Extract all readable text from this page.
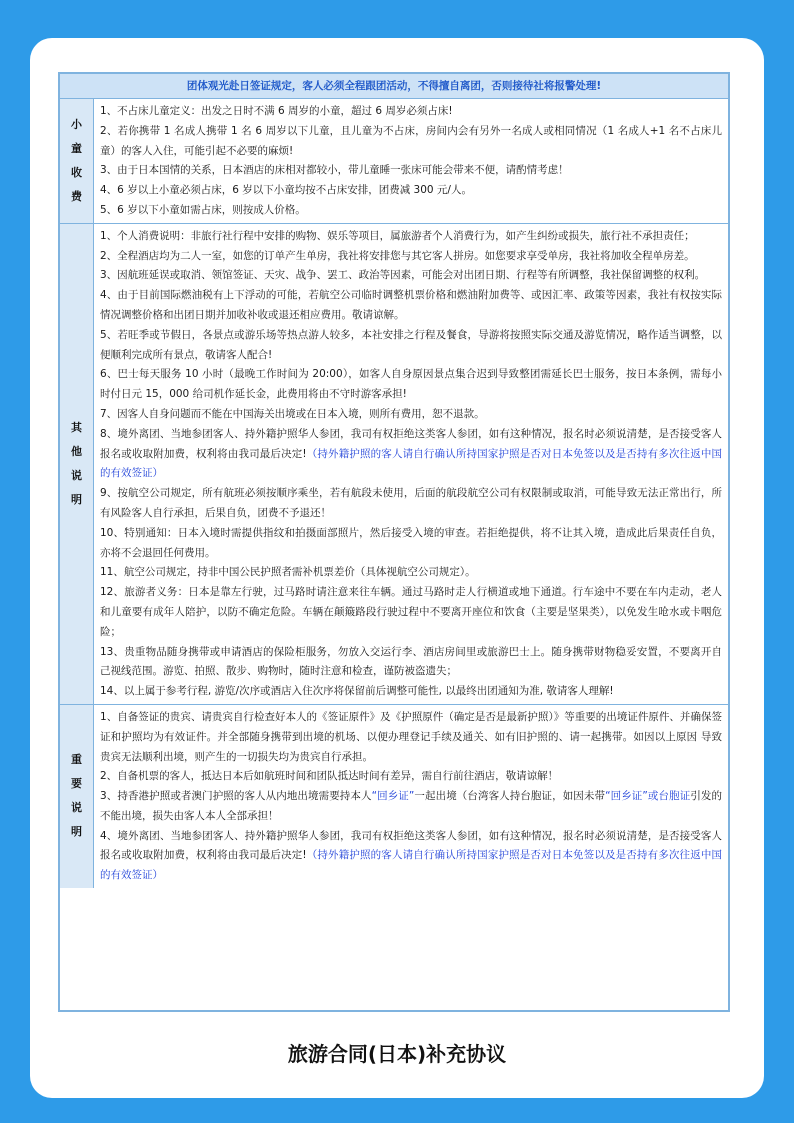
团体观光赴日签证规定，客人必须全程跟团活动，不得擅自离团，否则接待社将报警处理!
小
童
收
费

1、不占床儿童定义：出发之日时不满 6 周岁的小童，超过 6 周岁必须占床!

2、若你携带 1 名成人携带 1 名 6 周岁以下儿童，且儿童为不占床，房间内会有另外一名成人或相同情况（1 名成人+1 名不占床儿童）的客人入住，可能引起不必要的麻烦!

3、由于日本国情的关系，日本酒店的床相对都较小，带儿童睡一张床可能会带来不便，请酌情考虑！

4、6 岁以上小童必须占床，6 岁以下小童均按不占床安排，团费减 300 元/人。

5、6 岁以下小童如需占床，则按成人价格。

其
他
说
明

1、个人消费说明：非旅行社行程中安排的购物、娱乐等项目，属旅游者个人消费行为，如产生纠纷或损失，旅行社不承担责任；

2、全程酒店均为二人一室，如您的订单产生单房，我社将安排您与其它客人拼房。如您要求享受单房，我社将加收全程单房差。

3、因航班延误或取消、领馆签证、天灾、战争、罢工、政治等因素，可能会对出团日期、行程等有所调整，我社保留调整的权利。

4、由于目前国际燃油税有上下浮动的可能，若航空公司临时调整机票价格和燃油附加费等、或因汇率、政策等因素，我社有权按实际情况调整价格和出团日期并加收补收或退还相应费用。敬请谅解。

5、若旺季或节假日，各景点或游乐场等热点游人较多，本社安排之行程及餐食，导游将按照实际交通及游览情况，略作适当调整，以便顺利完成所有景点，敬请客人配合!

6、巴士每天服务 10 小时（最晚工作时间为 20:00），如客人自身原因景点集合迟到导致整团需延长巴士服务，按日本条例，需每小时付日元 15，000 给司机作延长金，此费用将由不守时游客承担!

7、因客人自身问题而不能在中国海关出境或在日本入境，则所有费用，恕不退款。

8、境外离团、当地参团客人、持外籍护照华人参团，我司有权拒绝这类客人参团，如有这种情况，报名时必须说清楚，是否接受客人报名或收取附加费，权利将由我司最后决定!（持外籍护照的客人请自行确认所持国家护照是否对日本免签以及是否持有多次往返中国的有效签证）

9、按航空公司规定，所有航班必须按顺序乘坐，若有航段未使用，后面的航段航空公司有权限制或取消，可能导致无法正常出行，所有风险客人自行承担，后果自负，团费不予退还！

10、特别通知：日本入境时需提供指纹和拍摄面部照片，然后接受入境的审查。若拒绝提供，将不让其入境，造成此后果责任自负，亦将不会退回任何费用。

11、航空公司规定，持非中国公民护照者需补机票差价（具体视航空公司规定）。

12、旅游者义务：日本是靠左行驶，过马路时请注意来往车辆。通过马路时走人行横道或地下通道。行车途中不要在车内走动，老人和儿童要有成年人陪护，以防不确定危险。车辆在颠簸路段行驶过程中不要离开座位和饮食（主要是坚果类），以免发生呛水或卡咽危险；

13、贵重物品随身携带或申请酒店的保险柜服务，勿放入交运行李、酒店房间里或旅游巴士上。随身携带财物稳妥安置，不要离开自己视线范围。游览、拍照、散步、购物时，随时注意和检查，谨防被盗遗失；

14、以上属于参考行程, 游览/次序或酒店入住次序将保留前后调整可能性, 以最终出团通知为准, 敬请客人理解!

重
要
说
明

1、自备签证的贵宾、请贵宾自行检查好本人的《签证原件》及《护照原件（确定是否是最新护照）》等重要的出境证件原件、并确保签证和护照均为有效证件。并全部随身携带到出境的机场、以便办理登记手续及通关、如有旧护照的、请一起携带。如因以上原因 导致贵宾无法顺利出境，则产生的一切损失均为贵宾自行承担。

2、自备机票的客人，抵达日本后如航班时间和团队抵达时间有差异，需自行前往酒店，敬请谅解！

3、持香港护照或者澳门护照的客人从内地出境需要持本人“回乡证”一起出境（台湾客人持台胞证，如因未带“回乡证”或台胞证引发的不能出境，损失由客人本人全部承担！

4、境外离团、当地参团客人、持外籍护照华人参团，我司有权拒绝这类客人参团，如有这种情况，报名时必须说清楚，是否接受客人报名或收取附加费，权利将由我司最后决定!（持外籍护照的客人请自行确认所持国家护照是否对日本免签以及是否持有多次往返中国的有效签证）

旅游合同(日本)补充协议
